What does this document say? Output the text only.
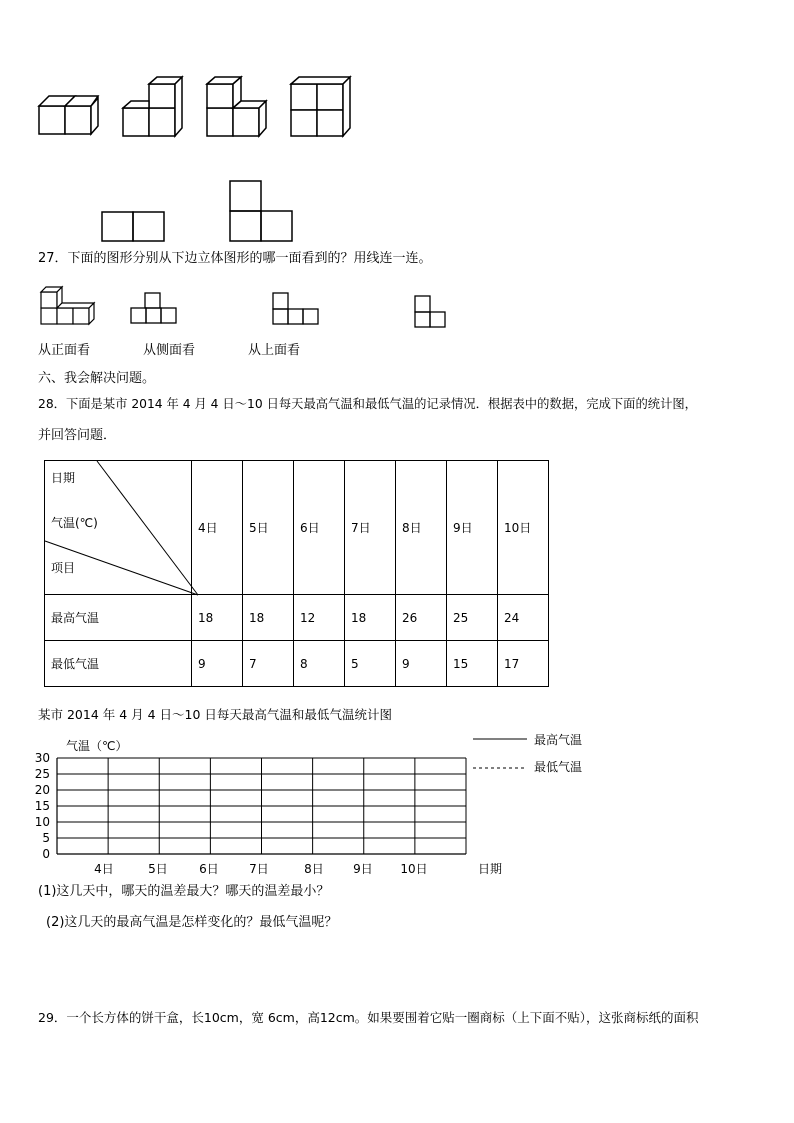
27．下面的图形分别从下边立体图形的哪一面看到的？用线连一连。
从正面看	从侧面看	从上面看
六、我会解决问题。
28．下面是某市 2014 年 4 月 4 日～10 日每天最高气温和最低气温的记录情况．根据表中的数据，完成下面的统计图，
并回答问题．
日期
气温(℃)
项目	4日	5日	6日	7日	8日	9日	10日
最高气温	18	18	12	18	26	25	24
最低气温	9	7	8	5	9	15	17
某市 2014 年 4 月 4 日～10 日每天最高气温和最低气温统计图
0
5
10
15
20
25
30
4日	5日	6日	7日	8日 9日 10日
气温（℃）
日期
最高气温
最低气温
(1)这几天中，哪天的温差最大？哪天的温差最小？
(2)这几天的最高气温是怎样变化的？最低气温呢？
29．一个长方体的饼干盒，长10cm，宽 6cm，高12cm。如果要围着它贴一圈商标（上下面不贴），这张商标纸的面积
